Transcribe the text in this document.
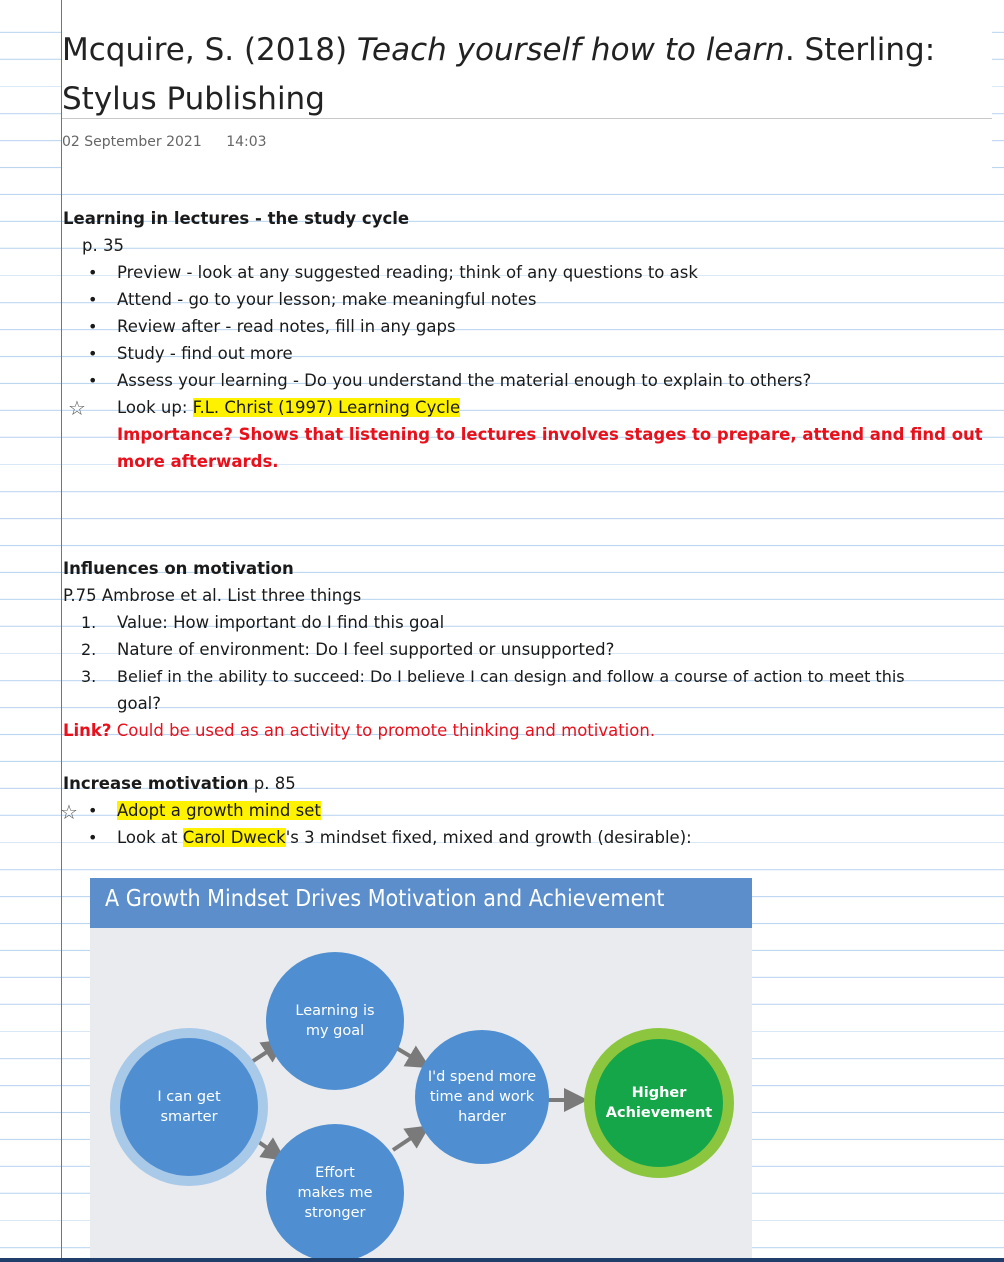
Mcquire, S. (2018) Teach yourself how to learn. Sterling:
Stylus Publishing
02 September 2021 14:03
Learning in lectures - the study cycle
p. 35
• Preview - look at any suggested reading; think of any questions to ask
• Attend - go to your lesson; make meaningful notes
• Review after - read notes, fill in any gaps
• Study - find out more
• Assess your learning - Do you understand the material enough to explain to others?
☆ Look up: F.L. Christ (1997) Learning Cycle
Importance? Shows that listening to lectures involves stages to prepare, attend and find out
more afterwards.
Influences on motivation
P.75 Ambrose et al. List three things
1. Value: How important do I find this goal
2. Nature of environment: Do I feel supported or unsupported?
3. Belief in the ability to succeed: Do I believe I can design and follow a course of action to meet this
goal?
Link? Could be used as an activity to promote thinking and motivation.
Increase motivation p. 85
☆ • Adopt a growth mind set
• Look at Carol Dweck's 3 mindset fixed, mixed and growth (desirable):
A Growth Mindset Drives Motivation and Achievement
I can get smarter
Learning is my goal
Effort makes me stronger
I'd spend more time and work harder
Higher Achievement
